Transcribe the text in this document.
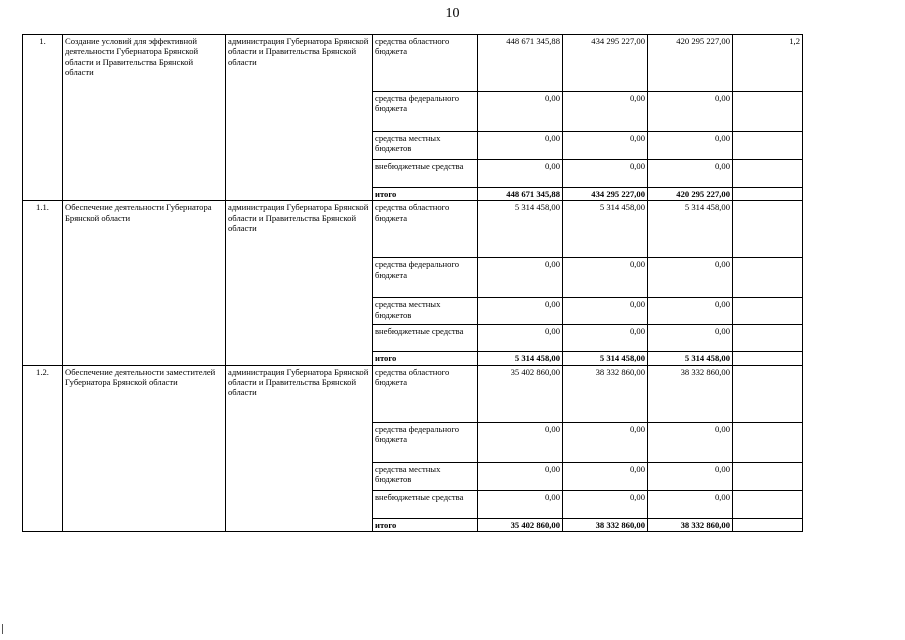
10
1.	Создание условий для эффективной деятельности Губернатора Брянской области и Правительства Брянской области	администрация Губернатора Брянской области и Правительства Брянской области	средства областного бюджета	448 671 345,88	434 295 227,00	420 295 227,00	1,2
			средства федерального бюджета	0,00	0,00	0,00	
			средства местных бюджетов	0,00	0,00	0,00	
			внебюджетные средства	0,00	0,00	0,00	
			итого	448 671 345,88	434 295 227,00	420 295 227,00	
1.1.	Обеспечение деятельности Губернатора Брянской области	администрация Губернатора Брянской области и Правительства Брянской области	средства областного бюджета	5 314 458,00	5 314 458,00	5 314 458,00	
			средства федерального бюджета	0,00	0,00	0,00	
			средства местных бюджетов	0,00	0,00	0,00	
			внебюджетные средства	0,00	0,00	0,00	
			итого	5 314 458,00	5 314 458,00	5 314 458,00	
1.2.	Обеспечение деятельности заместителей Губернатора Брянской области	администрация Губернатора Брянской области и Правительства Брянской области	средства областного бюджета	35 402 860,00	38 332 860,00	38 332 860,00	
			средства федерального бюджета	0,00	0,00	0,00	
			средства местных бюджетов	0,00	0,00	0,00	
			внебюджетные средства	0,00	0,00	0,00	
			итого	35 402 860,00	38 332 860,00	38 332 860,00	
